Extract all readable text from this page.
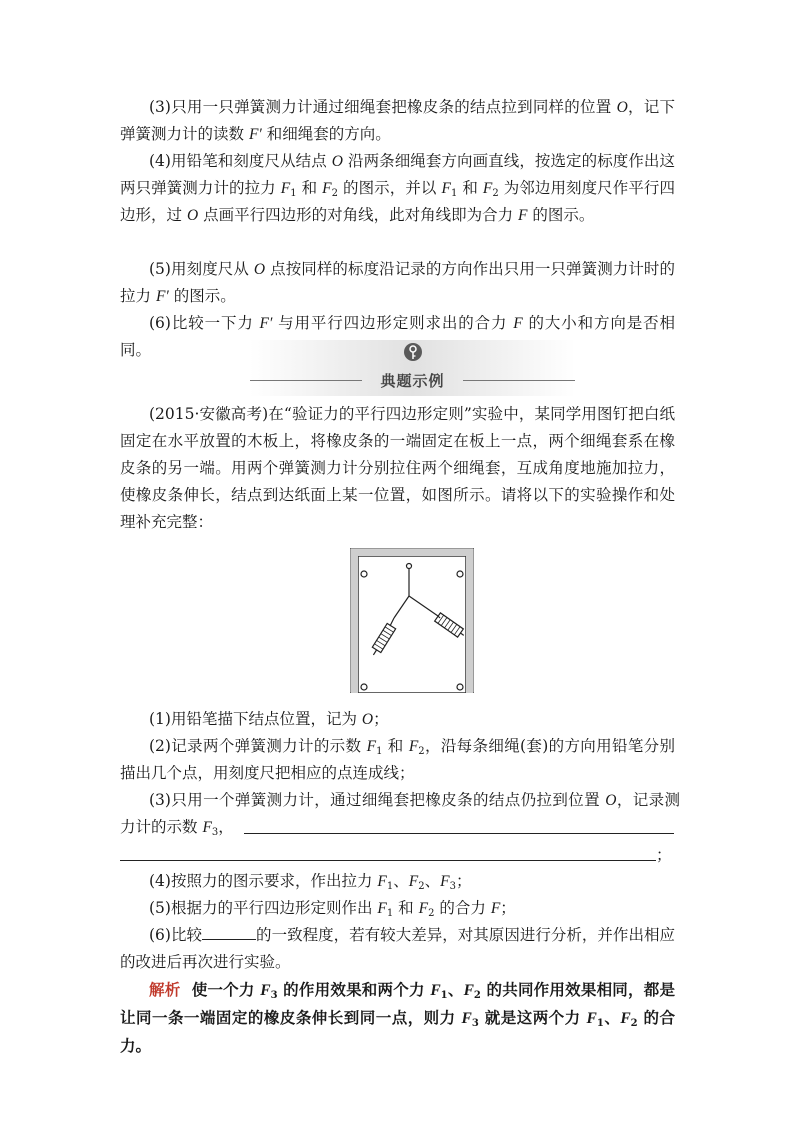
(3)只用一只弹簧测力计通过细绳套把橡皮条的结点拉到同样的位置 O，记下弹簧测力计的读数 F′ 和细绳套的方向。

(4)用铅笔和刻度尺从结点 O 沿两条细绳套方向画直线，按选定的标度作出这两只弹簧测力计的拉力 $F_1$ 和 $F_2$ 的图示，并以 $F_1$ 和 $F_2$ 为邻边用刻度尺作平行四边形，过 O 点画平行四边形的对角线，此对角线即为合力 F 的图示。

(5)用刻度尺从 O 点按同样的标度沿记录的方向作出只用一只弹簧测力计时的拉力 F′ 的图示。

(6)比较一下力 F′ 与用平行四边形定则求出的合力 F 的大小和方向是否相同。

典题示例

(2015·安徽高考)在“验证力的平行四边形定则”实验中，某同学用图钉把白纸固定在水平放置的木板上，将橡皮条的一端固定在板上一点，两个细绳套系在橡皮条的另一端。用两个弹簧测力计分别拉住两个细绳套，互成角度地施加拉力，使橡皮条伸长，结点到达纸面上某一位置，如图所示。请将以下的实验操作和处理补充完整：

(1)用铅笔描下结点位置，记为 O；

(2)记录两个弹簧测力计的示数 $F_1$ 和 $F_2$，沿每条细绳(套)的方向用铅笔分别描出几个点，用刻度尺把相应的点连成线；

(3)只用一个弹簧测力计，通过细绳套把橡皮条的结点仍拉到位置 O，记录测力计的示数 $F_3$，

；

(4)按照力的图示要求，作出拉力 $F_1$、$F_2$、$F_3$；

(5)根据力的平行四边形定则作出 $F_1$ 和 $F_2$ 的合力 F；

(6)比较	的一致程度，若有较大差异，对其原因进行分析，并作出相应的改进后再次进行实验。

解析 使一个力 $F_3$ 的作用效果和两个力 $F_1$、$F_2$ 的共同作用效果相同，都是让同一条一端固定的橡皮条伸长到同一点，则力 $F_3$ 就是这两个力 $F_1$、$F_2$ 的合力。
